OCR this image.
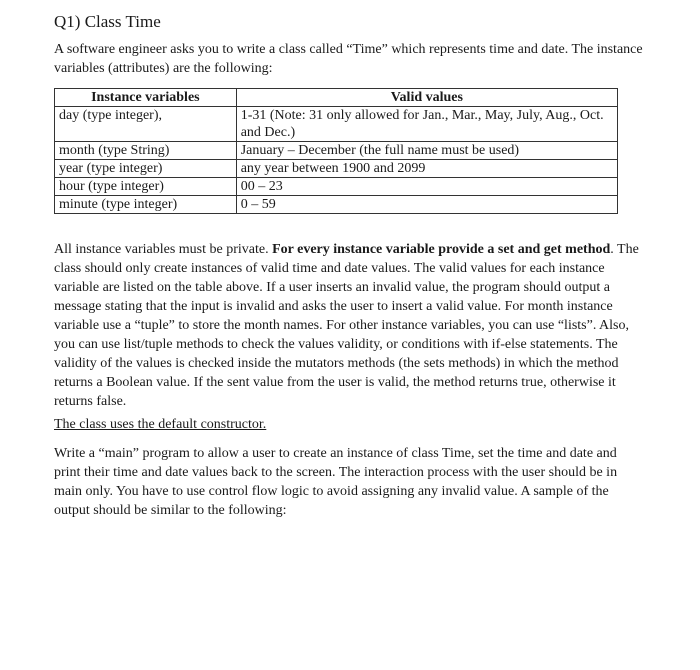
Q1) Class Time
A software engineer asks you to write a class called “Time” which represents time and date. The instance variables (attributes) are the following:
Instance variables	Valid values
day (type integer),	1-31 (Note: 31 only allowed for Jan., Mar., May, July, Aug., Oct. and Dec.)
month (type String)	January – December (the full name must be used)
year (type integer)	any year between 1900 and 2099
hour (type integer)	00 – 23
minute (type integer)	0 – 59
All instance variables must be private. For every instance variable provide a set and get method. The class should only create instances of valid time and date values. The valid values for each instance variable are listed on the table above. If a user inserts an invalid value, the program should output a message stating that the input is invalid and asks the user to insert a valid value. For month instance variable use a “tuple” to store the month names. For other instance variables, you can use “lists”. Also, you can use list/tuple methods to check the values validity, or conditions with if-else statements. The validity of the values is checked inside the mutators methods (the sets methods) in which the method returns a Boolean value. If the sent value from the user is valid, the method returns true, otherwise it returns false.
The class uses the default constructor.
Write a “main” program to allow a user to create an instance of class Time, set the time and date and print their time and date values back to the screen. The interaction process with the user should be in main only. You have to use control flow logic to avoid assigning any invalid value. A sample of the output should be similar to the following:
